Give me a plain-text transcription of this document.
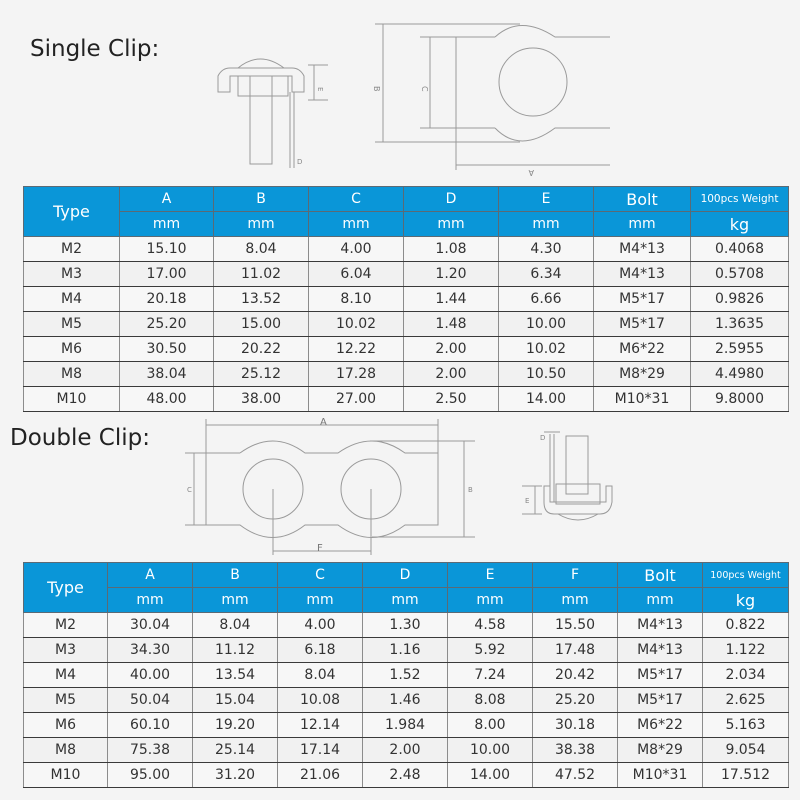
Single Clip:
E
D
B	C
A
Type	A	B	C	D	E	Bolt	100pcs Weight
	mm	mm	mm	mm	mm	mm	kg
M2	15.10	8.04	4.00	1.08	4.30	M4*13	0.4068
M3	17.00	11.02	6.04	1.20	6.34	M4*13	0.5708
M4	20.18	13.52	8.10	1.44	6.66	M5*17	0.9826
M5	25.20	15.00	10.02	1.48	10.00	M5*17	1.3635
M6	30.50	20.22	12.22	2.00	10.02	M6*22	2.5955
M8	38.04	25.12	17.28	2.00	10.50	M8*29	4.4980
M10	48.00	38.00	27.00	2.50	14.00	M10*31	9.8000
Double Clip:
A
C	B
F
D
E
Type	A	B	C	D	E	F	Bolt	100pcs Weight
	mm	mm	mm	mm	mm	mm	mm	kg
M2	30.04	8.04	4.00	1.30	4.58	15.50	M4*13	0.822
M3	34.30	11.12	6.18	1.16	5.92	17.48	M4*13	1.122
M4	40.00	13.54	8.04	1.52	7.24	20.42	M5*17	2.034
M5	50.04	15.04	10.08	1.46	8.08	25.20	M5*17	2.625
M6	60.10	19.20	12.14	1.984	8.00	30.18	M6*22	5.163
M8	75.38	25.14	17.14	2.00	10.00	38.38	M8*29	9.054
M10	95.00	31.20	21.06	2.48	14.00	47.52	M10*31	17.512
